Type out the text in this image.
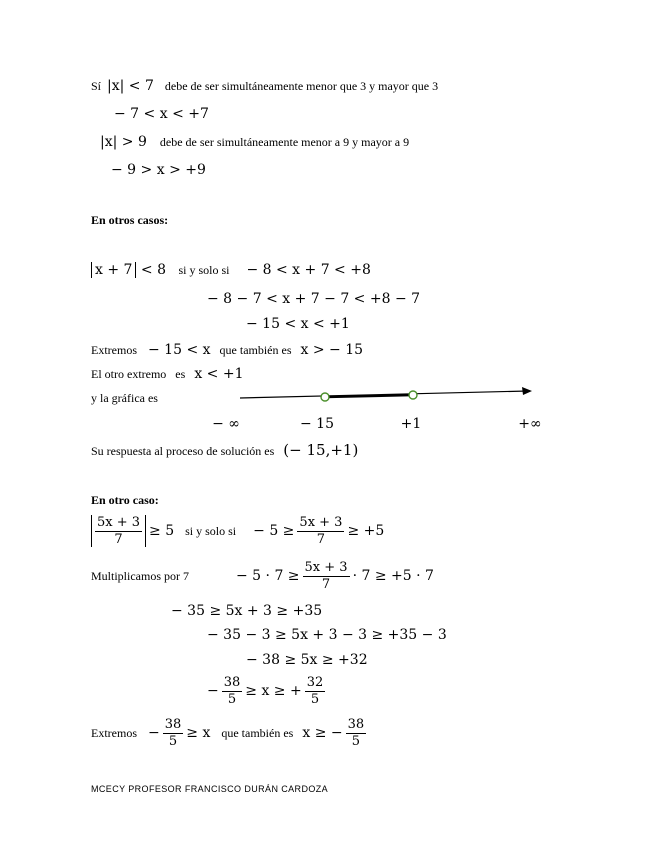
Sí |x| < 7 debe de ser simultáneamente menor que 3 y mayor que 3
− 7 < x < +7
|x| > 9 debe de ser simultáneamente menor a 9 y mayor a 9
− 9 > x > +9
En otros casos:
x + 7 < 8 si y solo si − 8 < x + 7 < +8
− 8 − 7 < x + 7 − 7 < +8 − 7
− 15 < x < +1
Extremos − 15 < x que también es x > − 15
El otro extremo   es x < +1
y la gráfica es
− ∞	− 15	+1	+∞
Su respuesta al proceso de solución es (− 15,+1)
En otro caso:
$\frac{5x + 3}{7} \ge 5$ si y solo si − $5 \ge \frac{5x + 3}{7} \ge +5$
Multiplicamos por 7	− $5 \cdot 7 \ge \frac{5x + 3}{7} \cdot 7 \ge +5 \cdot 7$
− 35 ≥ 5x + 3 ≥ +35
− 35 − 3 ≥ 5x + 3 − 3 ≥ +35 − 3
− 38 ≥ 5x ≥ +32
− $\frac{38}{5} \ge x$ ≥ + $\frac{32}{5}$
Extremos − $\frac{38}{5} \ge x$ que también es x ≥ − $\frac{38}{5}$
MCECY PROFESOR FRANCISCO DURÁN CARDOZA
